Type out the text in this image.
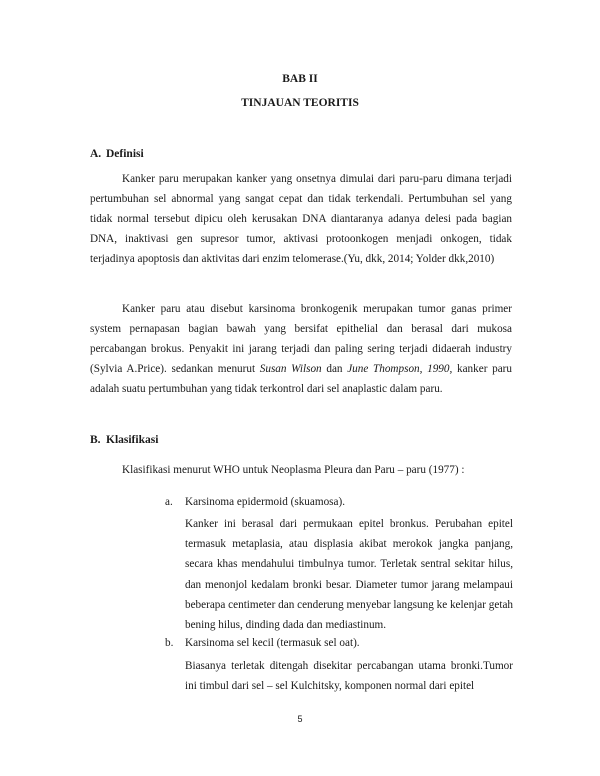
BAB II
TINJAUAN TEORITIS
A. Definisi

Kanker paru merupakan kanker yang onsetnya dimulai dari paru-paru dimana terjadi pertumbuhan sel abnormal yang sangat cepat dan tidak terkendali. Pertumbuhan sel yang tidak normal tersebut dipicu oleh kerusakan DNA diantaranya adanya delesi pada bagian DNA, inaktivasi gen supresor tumor, aktivasi protoonkogen menjadi onkogen, tidak terjadinya apoptosis dan aktivitas dari enzim telomerase.(Yu, dkk, 2014; Yolder dkk,2010)

Kanker paru atau disebut karsinoma bronkogenik merupakan tumor ganas primer system pernapasan bagian bawah yang bersifat epithelial dan berasal dari mukosa percabangan brokus. Penyakit ini jarang terjadi dan paling sering terjadi didaerah industry (Sylvia A.Price). sedankan menurut Susan Wilson dan June Thompson, 1990, kanker paru adalah suatu pertumbuhan yang tidak terkontrol dari sel anaplastic dalam paru.

B. Klasifikasi
Klasifikasi menurut WHO untuk Neoplasma Pleura dan Paru – paru (1977) :
a. Karsinoma epidermoid (skuamosa).

Kanker ini berasal dari permukaan epitel bronkus. Perubahan epitel termasuk metaplasia, atau displasia akibat merokok jangka panjang, secara khas mendahului timbulnya tumor. Terletak sentral sekitar hilus, dan menonjol kedalam bronki besar. Diameter tumor jarang melampaui beberapa centimeter dan cenderung menyebar langsung ke kelenjar getah bening hilus, dinding dada dan mediastinum.

b. Karsinoma sel kecil (termasuk sel oat).

Biasanya terletak ditengah disekitar percabangan utama bronki.Tumor ini timbul dari sel – sel Kulchitsky, komponen normal dari epitel

5
